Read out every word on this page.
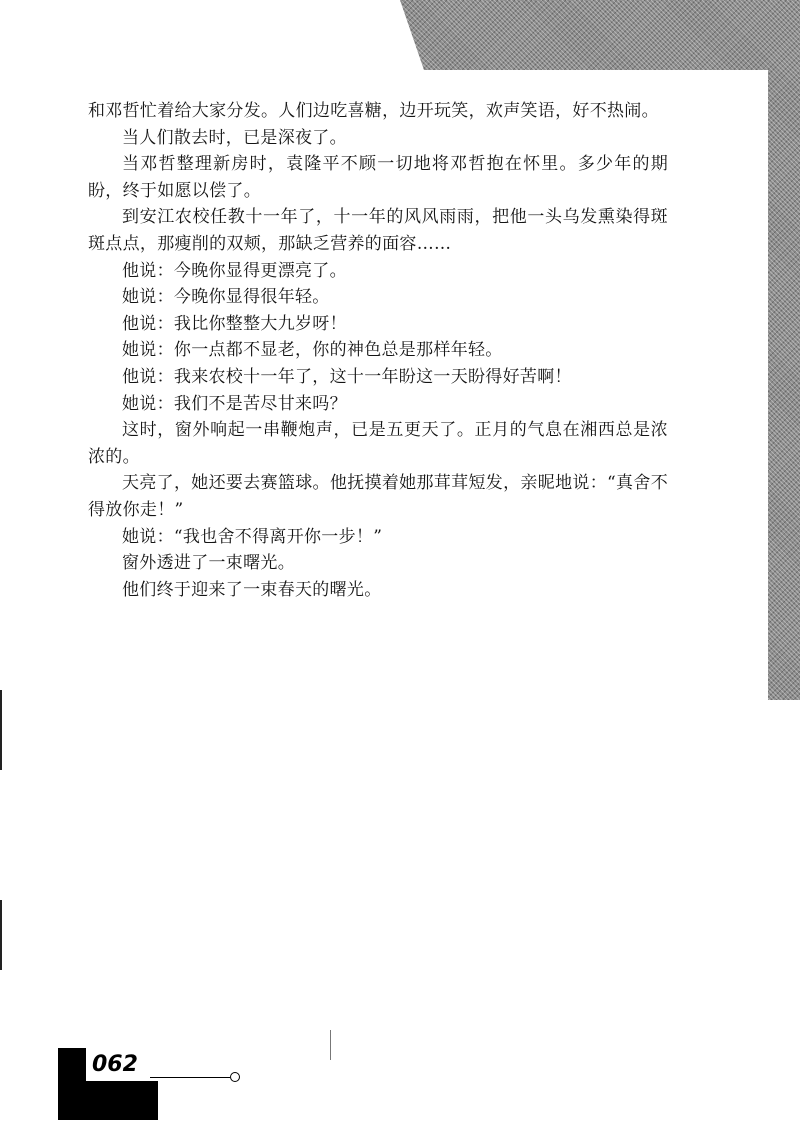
和邓哲忙着给大家分发。人们边吃喜糖，边开玩笑，欢声笑语，好不热闹。

当人们散去时，已是深夜了。

当邓哲整理新房时，袁隆平不顾一切地将邓哲抱在怀里。多少年的期盼，终于如愿以偿了。

到安江农校任教十一年了，十一年的风风雨雨，把他一头乌发熏染得斑斑点点，那瘦削的双颊，那缺乏营养的面容……

他说：今晚你显得更漂亮了。

她说：今晚你显得很年轻。

他说：我比你整整大九岁呀！

她说：你一点都不显老，你的神色总是那样年轻。

他说：我来农校十一年了，这十一年盼这一天盼得好苦啊！

她说：我们不是苦尽甘来吗？

这时，窗外响起一串鞭炮声，已是五更天了。正月的气息在湘西总是浓浓的。

天亮了，她还要去赛篮球。他抚摸着她那茸茸短发，亲昵地说：“真舍不得放你走！”

她说：“我也舍不得离开你一步！”

窗外透进了一束曙光。

他们终于迎来了一束春天的曙光。

062
